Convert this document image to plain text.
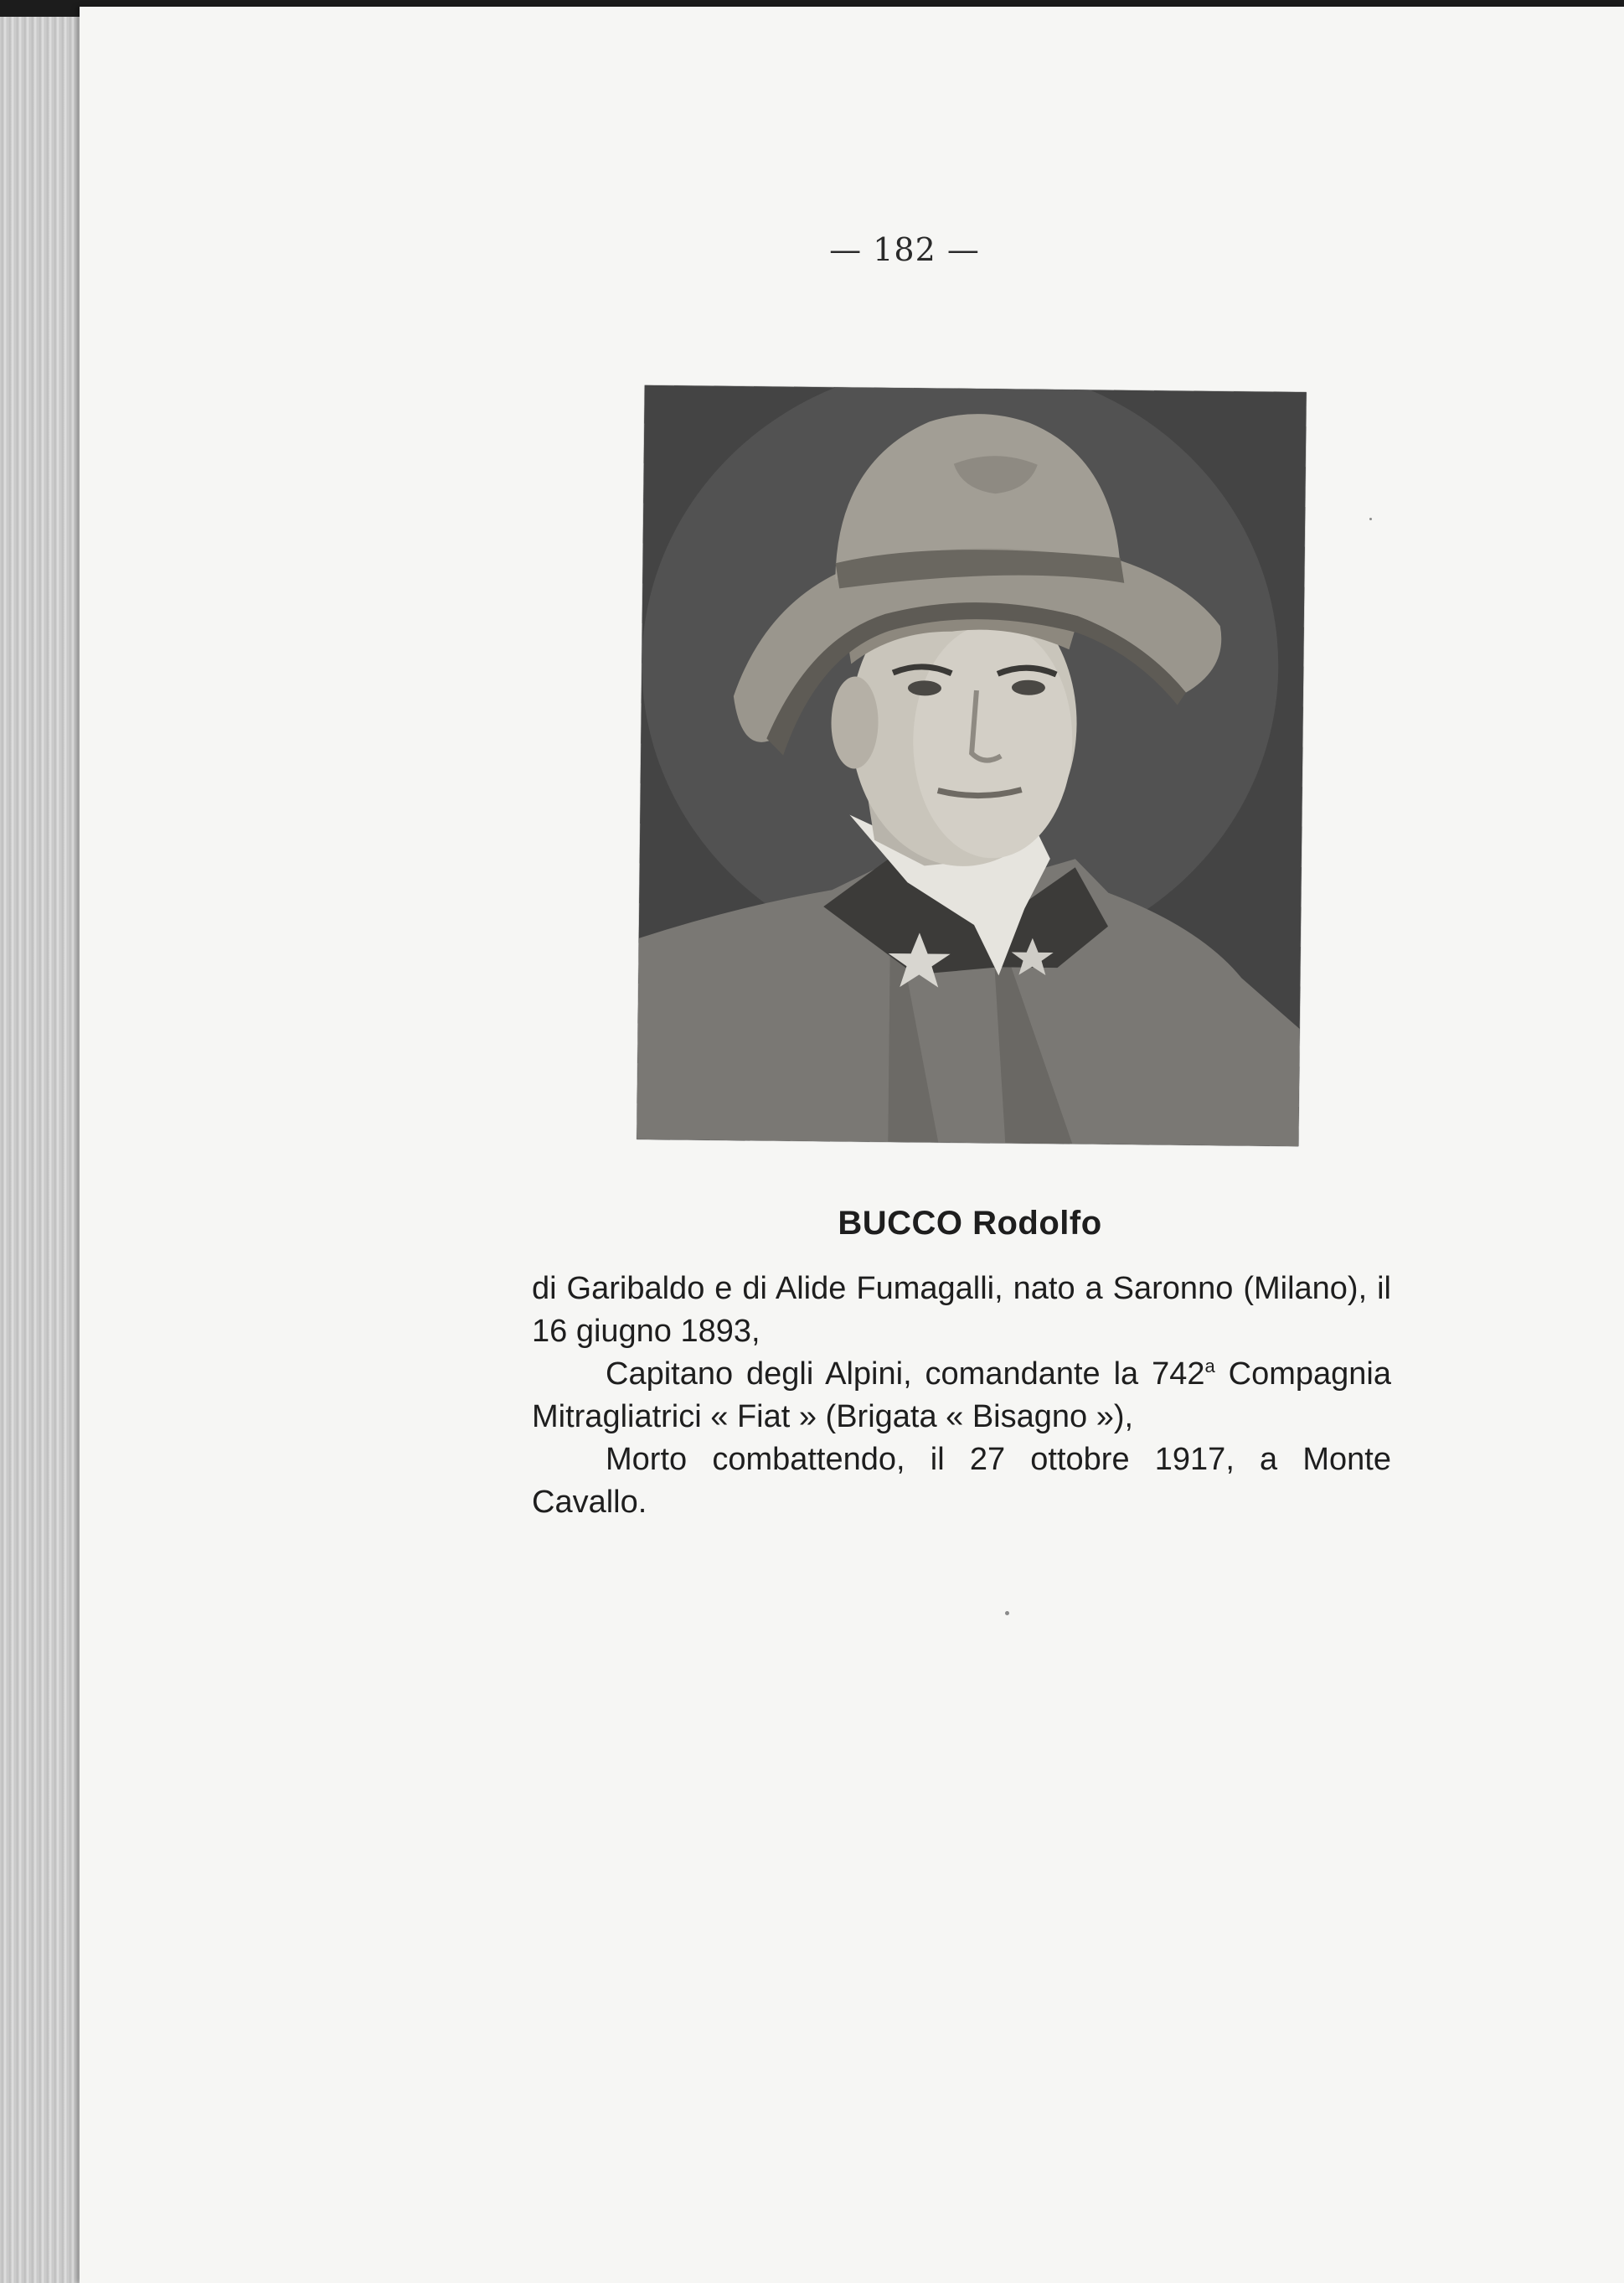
— 182 —
BUCCO Rodolfo

di Garibaldo e di Alide Fumagalli, nato a Saronno (Milano), il 16 giugno 1893,

Capitano degli Alpini, comandante la 742$^a$ Compagnia Mitragliatrici « Fiat » (Brigata « Bisagno »),

Morto combattendo, il 27 ottobre 1917, a Monte Cavallo.
